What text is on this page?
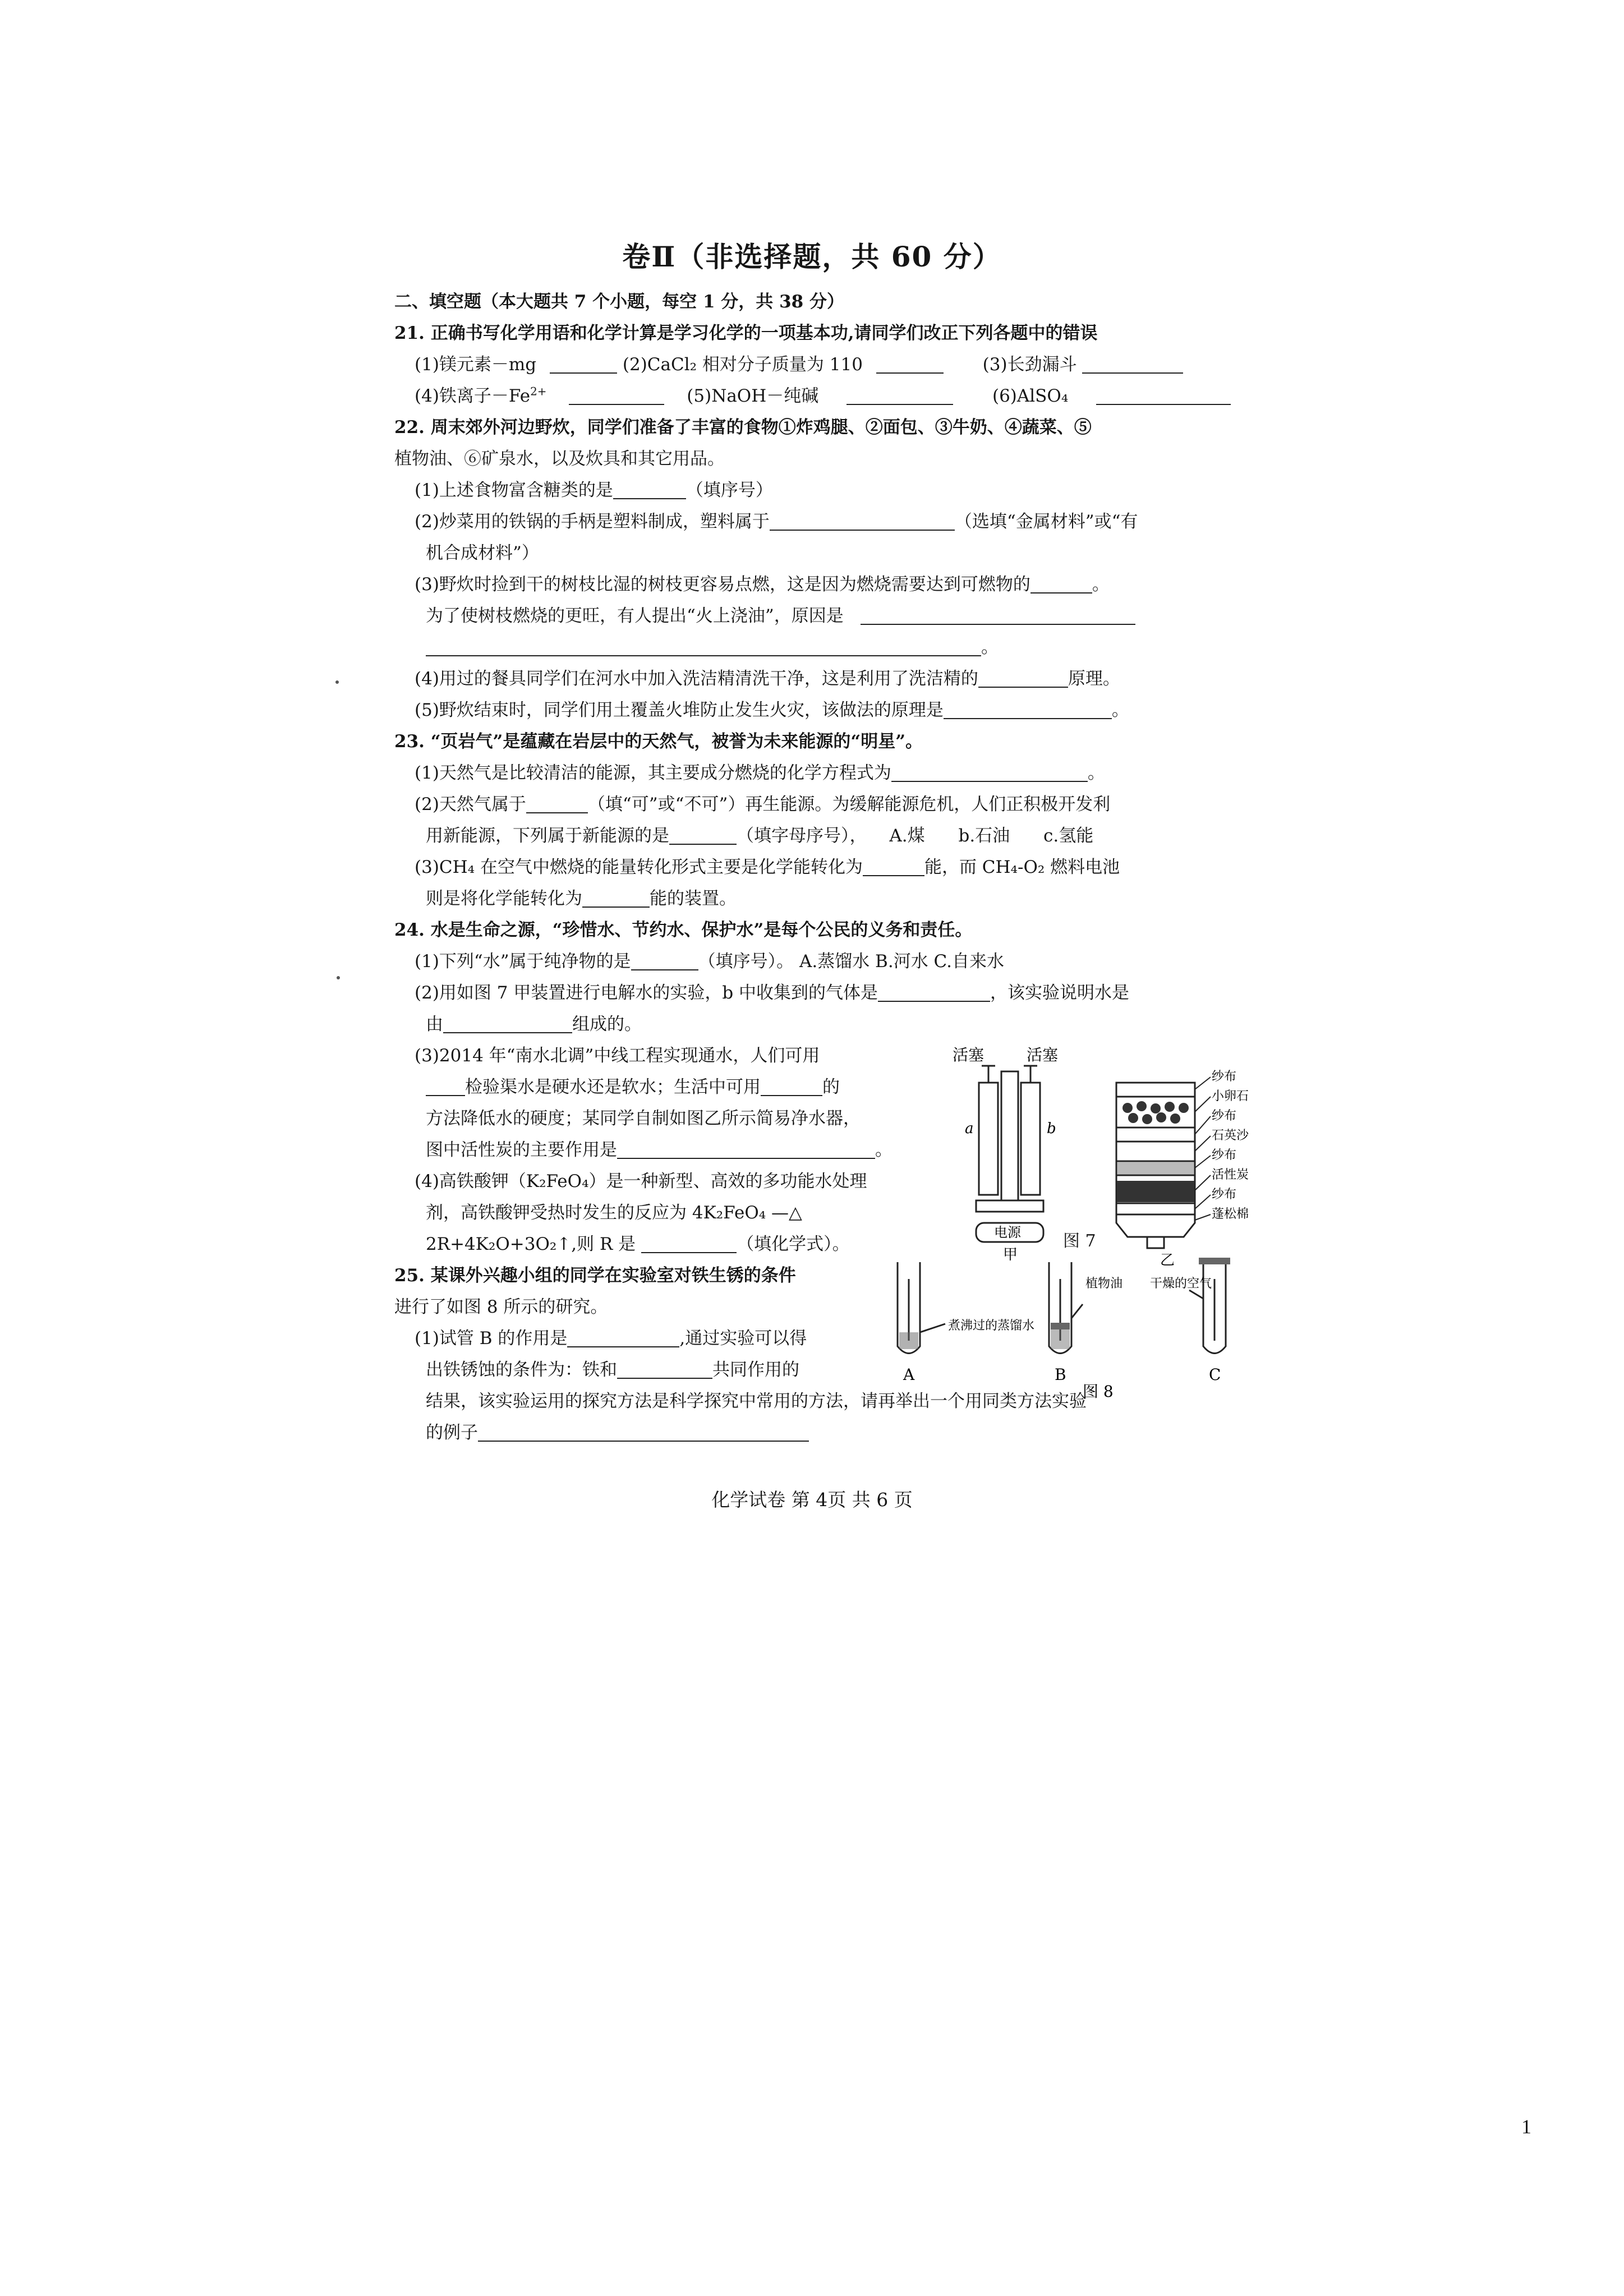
卷Ⅱ（非选择题，共 60 分）
二、填空题（本大题共 7 个小题，每空 1 分，共 38 分）
21. 正确书写化学用语和化学计算是学习化学的一项基本功,请同学们改正下列各题中的错误
(1)镁元素－mg	(2)CaCl₂ 相对分子质量为 110	(3)长劲漏斗
(4)铁离子$-Fe^{2+}$	(5)NaOH－纯碱	(6)AlSO₄
22. 周末郊外河边野炊，同学们准备了丰富的食物①炸鸡腿、②面包、③牛奶、④蔬菜、⑤
植物油、⑥矿泉水，以及炊具和其它用品。
(1)上述食物富含糖类的是	（填序号）
(2)炒菜用的铁锅的手柄是塑料制成，塑料属于	（选填“金属材料”或“有
机合成材料”）
(3)野炊时捡到干的树枝比湿的树枝更容易点燃，这是因为燃烧需要达到可燃物的	。
为了使树枝燃烧的更旺，有人提出“火上浇油”，原因是
。
(4)用过的餐具同学们在河水中加入洗洁精清洗干净，这是利用了洗洁精的	原理。
(5)野炊结束时，同学们用土覆盖火堆防止发生火灾，该做法的原理是	。
23. “页岩气”是蕴藏在岩层中的天然气，被誉为未来能源的“明星”。
(1)天然气是比较清洁的能源，其主要成分燃烧的化学方程式为	。
(2)天然气属于	（填“可”或“不可”）再生能源。为缓解能源危机，人们正积极开发利
用新能源，下列属于新能源的是	（填字母序号）， A.煤 b.石油 c.氢能
(3)CH₄ 在空气中燃烧的能量转化形式主要是化学能转化为	能，而 CH₄-O₂ 燃料电池
则是将化学能转化为	能的装置。
24. 水是生命之源，“珍惜水、节约水、保护水”是每个公民的义务和责任。
(1)下列“水”属于纯净物的是	（填序号）。 A.蒸馏水 B.河水 C.自来水
(2)用如图 7 甲装置进行电解水的实验，b 中收集到的气体是	，该实验说明水是
由	组成的。
(3)2014 年“南水北调”中线工程实现通水，人们可用
检验渠水是硬水还是软水；生活中可用	的
方法降低水的硬度；某同学自制如图乙所示简易净水器，
图中活性炭的主要作用是	。
(4)高铁酸钾（K₂FeO₄）是一种新型、高效的多功能水处理
剂，高铁酸钾受热时发生的反应为 4K₂FeO₄ —△
2R+4K₂O+3O₂↑,则 R 是	（填化学式）。
25. 某课外兴趣小组的同学在实验室对铁生锈的条件
进行了如图 8 所示的研究。
(1)试管 B 的作用是	,通过实验可以得
出铁锈蚀的条件为：铁和	共同作用的
结果，该实验运用的探究方法是科学探究中常用的方法，请再举出一个用同类方法实验
的例子
活塞	活塞
a	b
电源
甲	乙
纱布
小卵石
纱布
石英沙
纱布
活性炭
纱布
蓬松棉
图 7
煮沸过的蒸馏水
植物油 干燥的空气
A	B	C
图 8
化学试卷 第 4页 共 6 页
1
